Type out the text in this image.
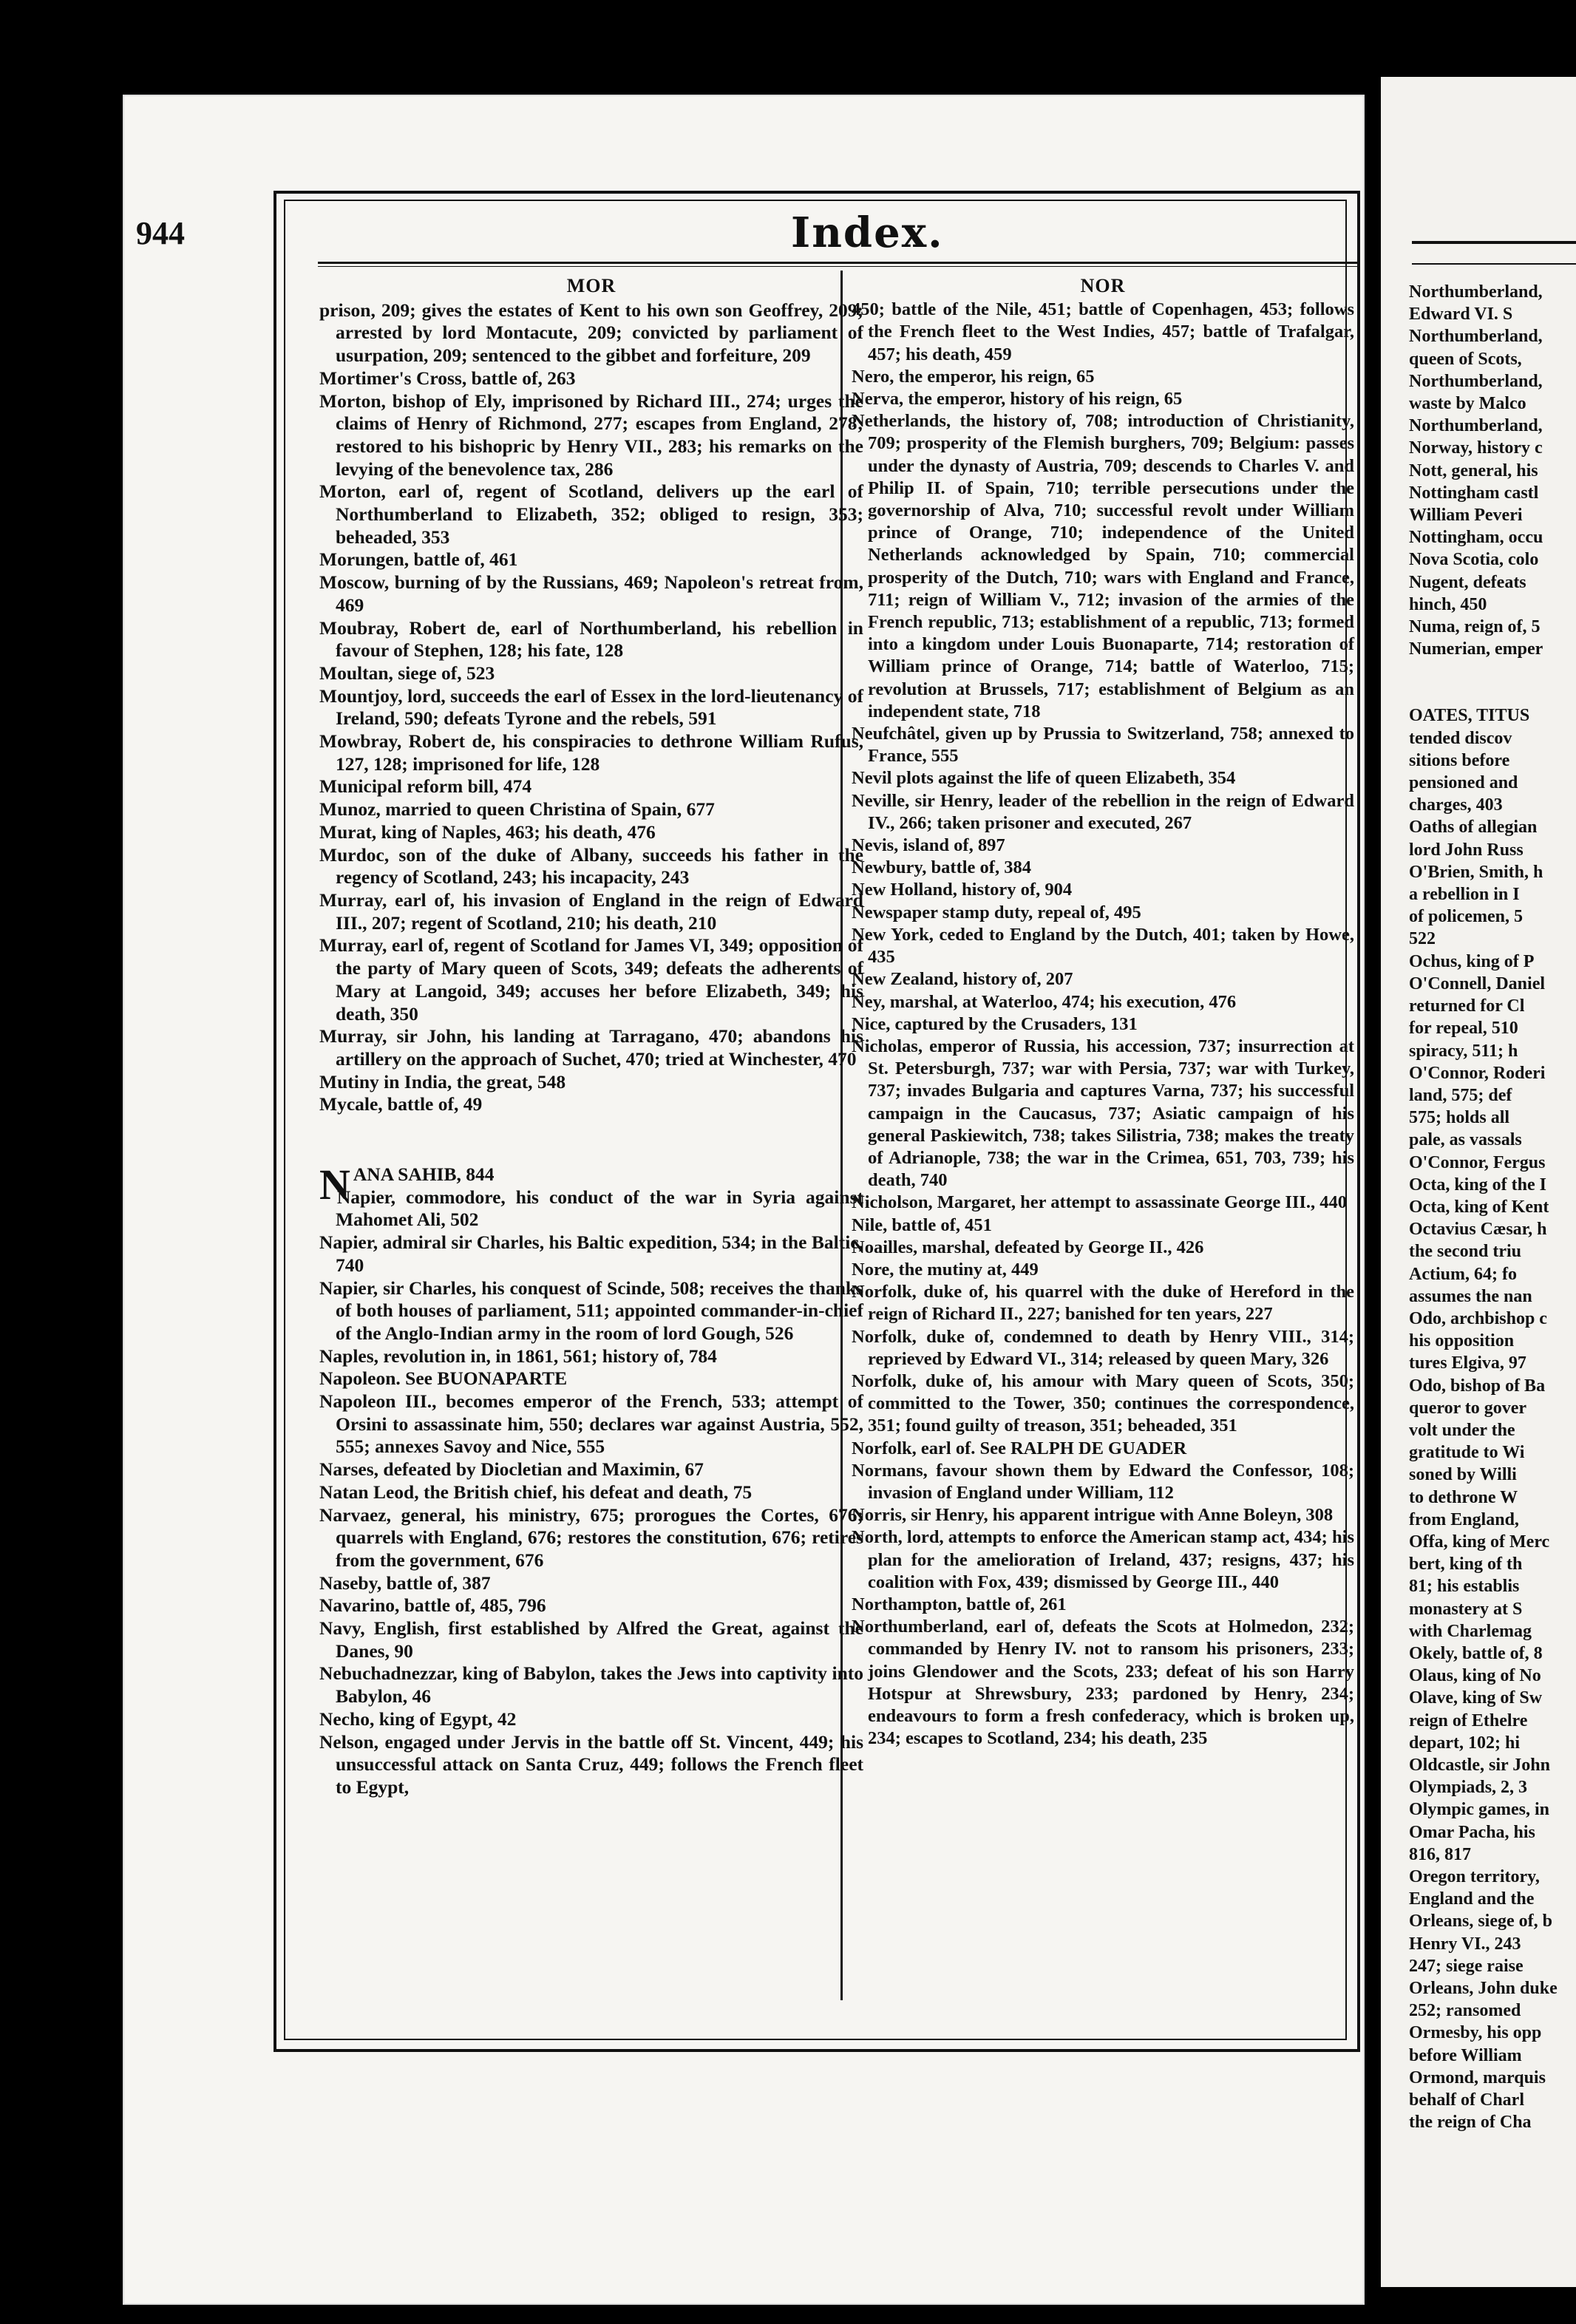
944	Index.
MOR

prison, 209; gives the estates of Kent to his own son Geoffrey, 209; arrested by lord Montacute, 209; convicted by parliament of usurpation, 209; sentenced to the gibbet and forfeiture, 209

Mortimer's Cross, battle of, 263

Morton, bishop of Ely, imprisoned by Richard III., 274; urges the claims of Henry of Richmond, 277; escapes from England, 278; restored to his bishopric by Henry VII., 283; his remarks on the levying of the benevolence tax, 286

Morton, earl of, regent of Scotland, delivers up the earl of Northumberland to Elizabeth, 352; obliged to resign, 353; beheaded, 353

Morungen, battle of, 461

Moscow, burning of by the Russians, 469; Napoleon's retreat from, 469

Moubray, Robert de, earl of Northumberland, his rebellion in favour of Stephen, 128; his fate, 128

Moultan, siege of, 523

Mountjoy, lord, succeeds the earl of Essex in the lord-lieutenancy of Ireland, 590; defeats Tyrone and the rebels, 591

Mowbray, Robert de, his conspiracies to dethrone William Rufus, 127, 128; imprisoned for life, 128

Municipal reform bill, 474

Munoz, married to queen Christina of Spain, 677

Murat, king of Naples, 463; his death, 476

Murdoc, son of the duke of Albany, succeeds his father in the regency of Scotland, 243; his incapacity, 243

Murray, earl of, his invasion of England in the reign of Edward III., 207; regent of Scotland, 210; his death, 210

Murray, earl of, regent of Scotland for James VI, 349; opposition of the party of Mary queen of Scots, 349; defeats the adherents of Mary at Langoid, 349; accuses her before Elizabeth, 349; his death, 350

Murray, sir John, his landing at Tarragano, 470; abandons his artillery on the approach of Suchet, 470; tried at Winchester, 470

Mutiny in India, the great, 548

Mycale, battle of, 49

NANA SAHIB, 844

Napier, commodore, his conduct of the war in Syria against Mahomet Ali, 502

Napier, admiral sir Charles, his Baltic expedition, 534; in the Baltic, 740

Napier, sir Charles, his conquest of Scinde, 508; receives the thanks of both houses of parliament, 511; appointed commander-in-chief of the Anglo-Indian army in the room of lord Gough, 526

Naples, revolution in, in 1861, 561; history of, 784

Napoleon. See BUONAPARTE

Napoleon III., becomes emperor of the French, 533; attempt of Orsini to assassinate him, 550; declares war against Austria, 552, 555; annexes Savoy and Nice, 555

Narses, defeated by Diocletian and Maximin, 67

Natan Leod, the British chief, his defeat and death, 75

Narvaez, general, his ministry, 675; prorogues the Cortes, 676; quarrels with England, 676; restores the constitution, 676; retires from the government, 676

Naseby, battle of, 387

Navarino, battle of, 485, 796

Navy, English, first established by Alfred the Great, against the Danes, 90

Nebuchadnezzar, king of Babylon, takes the Jews into captivity into Babylon, 46

Necho, king of Egypt, 42

Nelson, engaged under Jervis in the battle off St. Vincent, 449; his unsuccessful attack on Santa Cruz, 449; follows the French fleet to Egypt,

NOR

450; battle of the Nile, 451; battle of Copenhagen, 453; follows the French fleet to the West Indies, 457; battle of Trafalgar, 457; his death, 459

Nero, the emperor, his reign, 65

Nerva, the emperor, history of his reign, 65

Netherlands, the history of, 708; introduction of Christianity, 709; prosperity of the Flemish burghers, 709; Belgium: passes under the dynasty of Austria, 709; descends to Charles V. and Philip II. of Spain, 710; terrible persecutions under the governorship of Alva, 710; successful revolt under William prince of Orange, 710; independence of the United Netherlands acknowledged by Spain, 710; commercial prosperity of the Dutch, 710; wars with England and France, 711; reign of William V., 712; invasion of the armies of the French republic, 713; establishment of a republic, 713; formed into a kingdom under Louis Buonaparte, 714; restoration of William prince of Orange, 714; battle of Waterloo, 715; revolution at Brussels, 717; establishment of Belgium as an independent state, 718

Neufchâtel, given up by Prussia to Switzerland, 758; annexed to France, 555

Nevil plots against the life of queen Elizabeth, 354

Neville, sir Henry, leader of the rebellion in the reign of Edward IV., 266; taken prisoner and executed, 267

Nevis, island of, 897

Newbury, battle of, 384

New Holland, history of, 904

Newspaper stamp duty, repeal of, 495

New York, ceded to England by the Dutch, 401; taken by Howe, 435

New Zealand, history of, 207

Ney, marshal, at Waterloo, 474; his execution, 476

Nice, captured by the Crusaders, 131

Nicholas, emperor of Russia, his accession, 737; insurrection at St. Petersburgh, 737; war with Persia, 737; war with Turkey, 737; invades Bulgaria and captures Varna, 737; his successful campaign in the Caucasus, 737; Asiatic campaign of his general Paskiewitch, 738; takes Silistria, 738; makes the treaty of Adrianople, 738; the war in the Crimea, 651, 703, 739; his death, 740

Nicholson, Margaret, her attempt to assassinate George III., 440

Nile, battle of, 451

Noailles, marshal, defeated by George II., 426

Nore, the mutiny at, 449

Norfolk, duke of, his quarrel with the duke of Hereford in the reign of Richard II., 227; banished for ten years, 227

Norfolk, duke of, condemned to death by Henry VIII., 314; reprieved by Edward VI., 314; released by queen Mary, 326

Norfolk, duke of, his amour with Mary queen of Scots, 350; committed to the Tower, 350; continues the correspondence, 351; found guilty of treason, 351; beheaded, 351

Norfolk, earl of. See RALPH DE GUADER

Normans, favour shown them by Edward the Confessor, 108; invasion of England under William, 112

Norris, sir Henry, his apparent intrigue with Anne Boleyn, 308

North, lord, attempts to enforce the American stamp act, 434; his plan for the amelioration of Ireland, 437; resigns, 437; his coalition with Fox, 439; dismissed by George III., 440

Northampton, battle of, 261

Northumberland, earl of, defeats the Scots at Holmedon, 232; commanded by Henry IV. not to ransom his prisoners, 233; joins Glendower and the Scots, 233; defeat of his son Harry Hotspur at Shrewsbury, 233; pardoned by Henry, 234; endeavours to form a fresh confederacy, which is broken up, 234; escapes to Scotland, 234; his death, 235

Northumberland,
Edward VI. S
Northumberland,
queen of Scots,
Northumberland,
waste by Malco
Northumberland,
Norway, history c
Nott, general, his
Nottingham castl
William Peveri
Nottingham, occu
Nova Scotia, colo
Nugent, defeats
hinch, 450
Numa, reign of, 5
Numerian, emper
OATES, TITUS
tended discov
sitions before
pensioned and
charges, 403
Oaths of allegian
lord John Russ
O'Brien, Smith, h
a rebellion in I
of policemen, 5
522
Ochus, king of P
O'Connell, Daniel
returned for Cl
for repeal, 510
spiracy, 511; h
O'Connor, Roderi
land, 575; def
575; holds all
pale, as vassals
O'Connor, Fergus
Octa, king of the I
Octa, king of Kent
Octavius Cæsar, h
the second triu
Actium, 64; fo
assumes the nan
Odo, archbishop c
his opposition
tures Elgiva, 97
Odo, bishop of Ba
queror to gover
volt under the
gratitude to Wi
soned by Willi
to dethrone W
from England,
Offa, king of Merc
bert, king of th
81; his establis
monastery at S
with Charlemag
Okely, battle of, 8
Olaus, king of No
Olave, king of Sw
reign of Ethelre
depart, 102; hi
Oldcastle, sir John
Olympiads, 2, 3
Olympic games, in
Omar Pacha, his
816, 817
Oregon territory,
England and the
Orleans, siege of, b
Henry VI., 243
247; siege raise
Orleans, John duke
252; ransomed
Ormesby, his opp
before William
Ormond, marquis
behalf of Charl
the reign of Cha
